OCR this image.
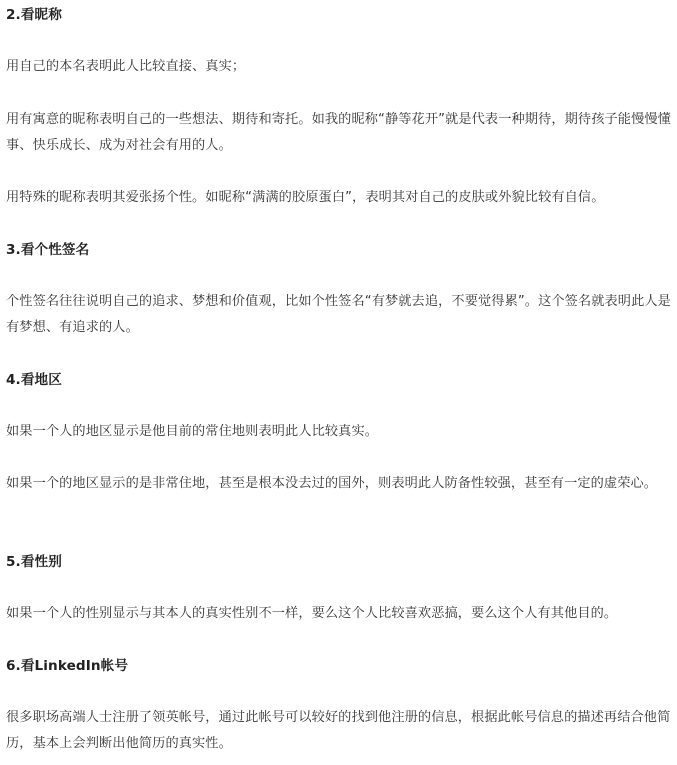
2.看昵称
用自己的本名表明此人比较直接、真实；
用有寓意的昵称表明自己的一些想法、期待和寄托。如我的昵称“静等花开”就是代表一种期待，期待孩子能慢慢懂事、快乐成长、成为对社会有用的人。
用特殊的昵称表明其爱张扬个性。如昵称“满满的胶原蛋白”，表明其对自己的皮肤或外貌比较有自信。
3.看个性签名
个性签名往往说明自己的追求、梦想和价值观，比如个性签名“有梦就去追，不要觉得累”。这个签名就表明此人是有梦想、有追求的人。
4.看地区
如果一个人的地区显示是他目前的常住地则表明此人比较真实。
如果一个的地区显示的是非常住地，甚至是根本没去过的国外，则表明此人防备性较强，甚至有一定的虚荣心。
5.看性别
如果一个人的性别显示与其本人的真实性别不一样，要么这个人比较喜欢恶搞，要么这个人有其他目的。
6.看LinkedIn帐号
很多职场高端人士注册了领英帐号，通过此帐号可以较好的找到他注册的信息，根据此帐号信息的描述再结合他简历，基本上会判断出他简历的真实性。
